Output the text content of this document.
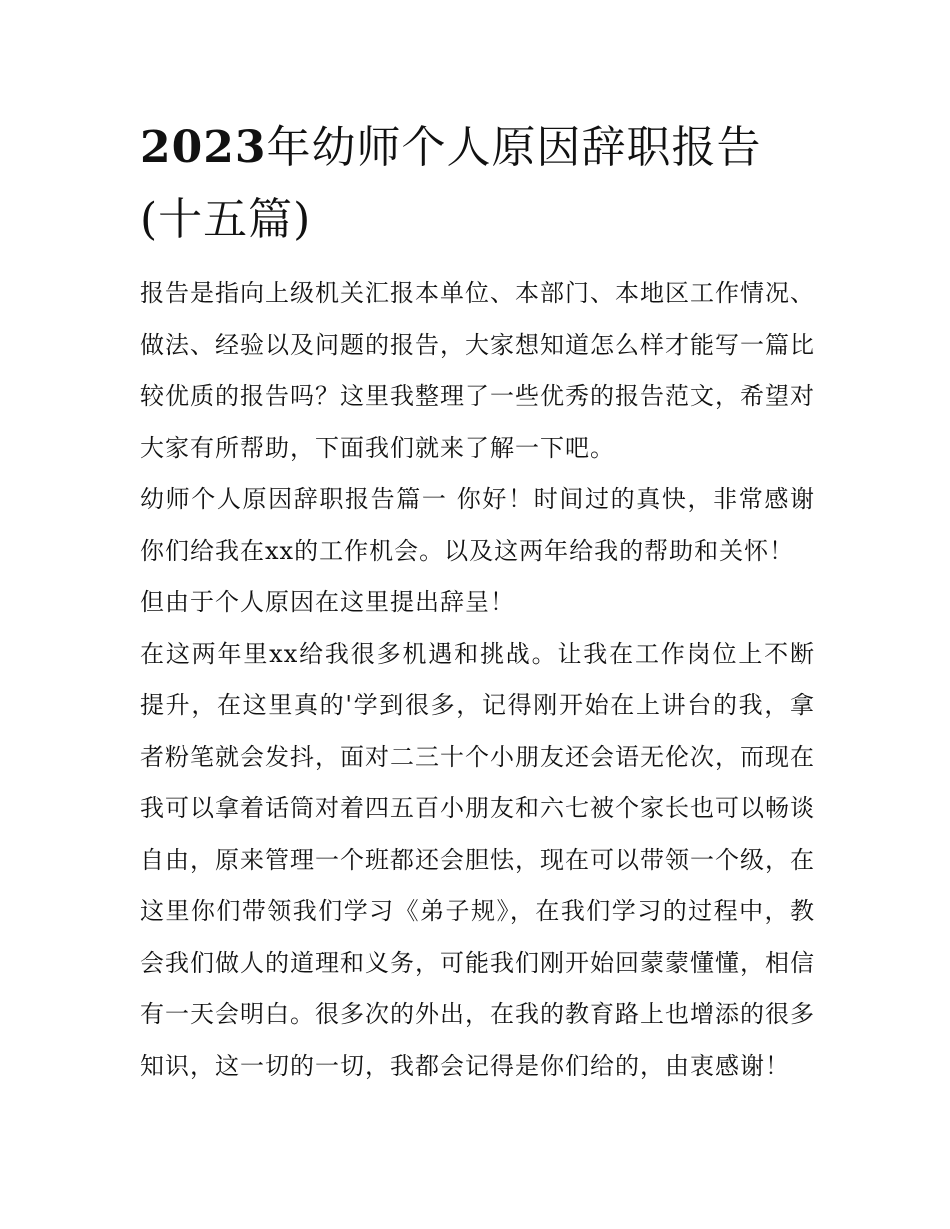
2023年幼师个人原因辞职报告(十五篇)

报告是指向上级机关汇报本单位、本部门、本地区工作情况、做法、经验以及问题的报告，大家想知道怎么样才能写一篇比较优质的报告吗？这里我整理了一些优秀的报告范文，希望对大家有所帮助，下面我们就来了解一下吧。

幼师个人原因辞职报告篇一 你好！时间过的真快，非常感谢你们给我在xx的工作机会。以及这两年给我的帮助和关怀！

但由于个人原因在这里提出辞呈！

在这两年里xx给我很多机遇和挑战。让我在工作岗位上不断提升，在这里真的'学到很多，记得刚开始在上讲台的我，拿者粉笔就会发抖，面对二三十个小朋友还会语无伦次，而现在我可以拿着话筒对着四五百小朋友和六七被个家长也可以畅谈自由，原来管理一个班都还会胆怯，现在可以带领一个级，在这里你们带领我们学习《弟子规》，在我们学习的过程中，教会我们做人的道理和义务，可能我们刚开始回蒙蒙懂懂，相信有一天会明白。很多次的外出，在我的教育路上也增添的很多知识，这一切的一切，我都会记得是你们给的，由衷感谢！
